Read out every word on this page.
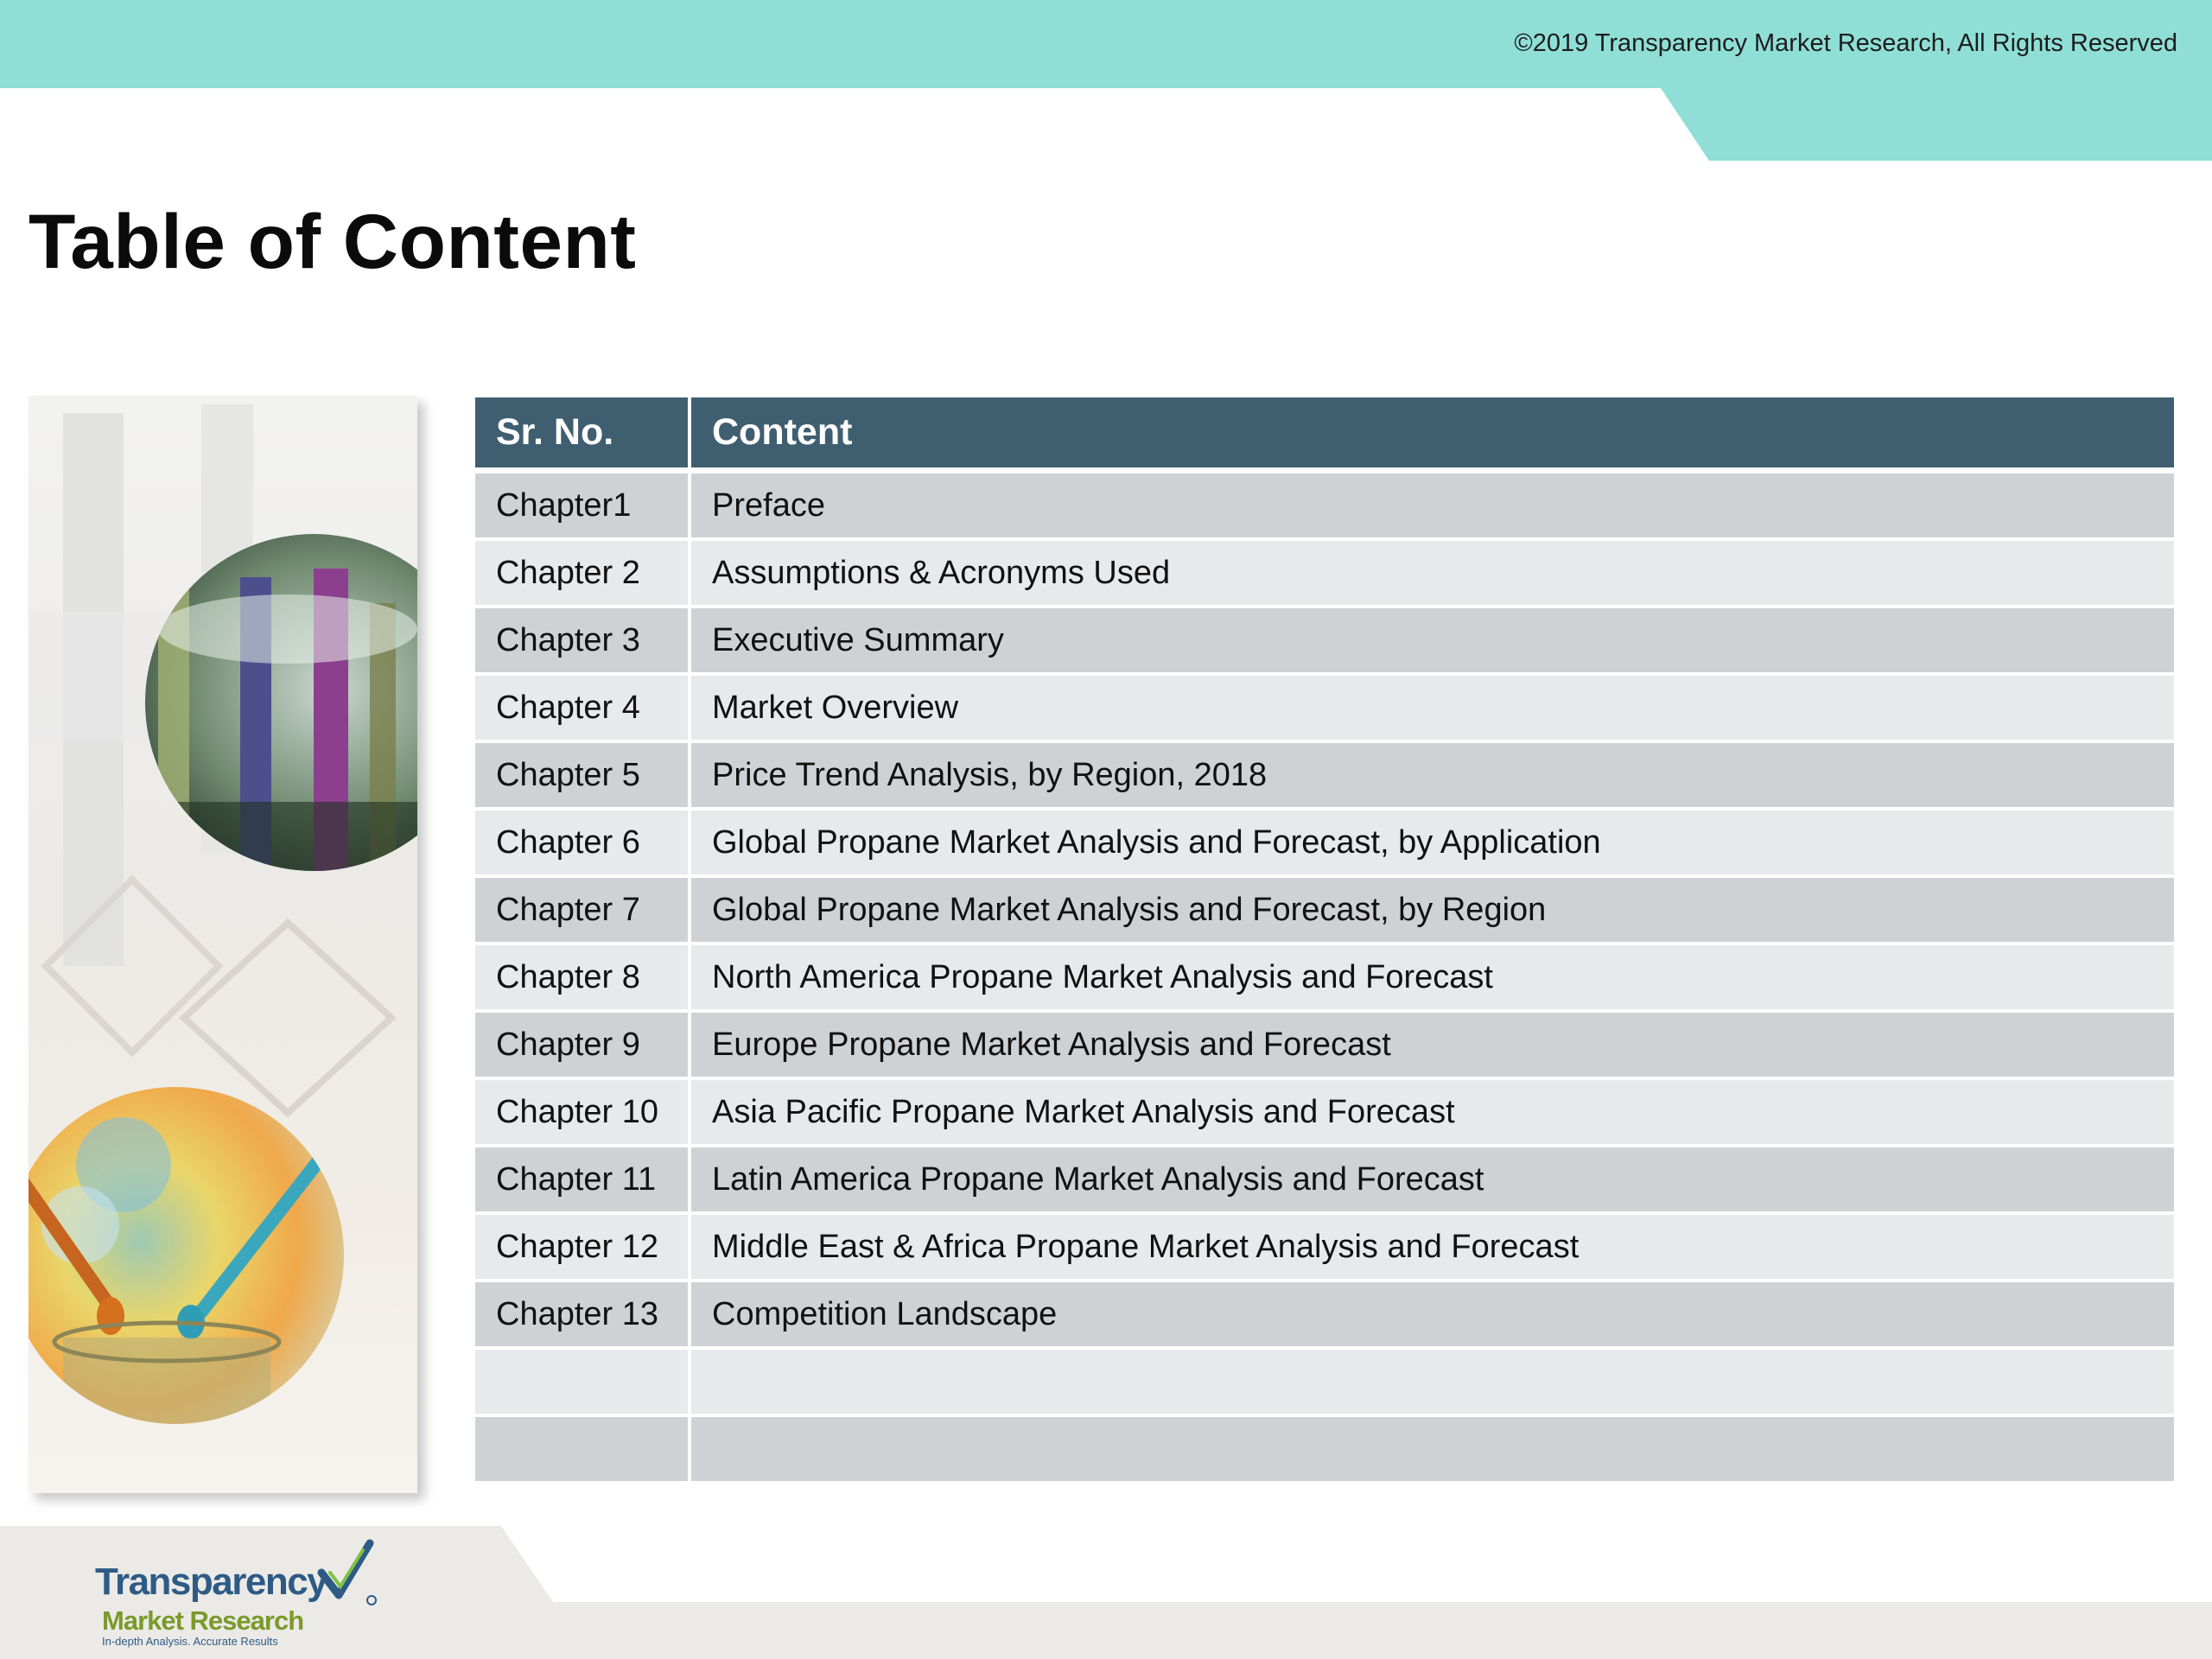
©2019 Transparency Market Research, All Rights Reserved
Table of Content
Sr. No.	Content
Chapter1	Preface
Chapter 2	Assumptions & Acronyms Used
Chapter 3	Executive Summary
Chapter 4	Market Overview
Chapter 5	Price Trend Analysis, by Region, 2018
Chapter 6	Global Propane Market Analysis and Forecast, by Application
Chapter 7	Global Propane Market Analysis and Forecast, by Region
Chapter 8	North America Propane Market Analysis and Forecast
Chapter 9	Europe Propane Market Analysis and Forecast
Chapter 10	Asia Pacific Propane Market Analysis and Forecast
Chapter 11	Latin America Propane Market Analysis and Forecast
Chapter 12	Middle East & Africa Propane Market Analysis and Forecast
Chapter 13	Competition Landscape

Transparency
Market Research
In-depth Analysis. Accurate Results
